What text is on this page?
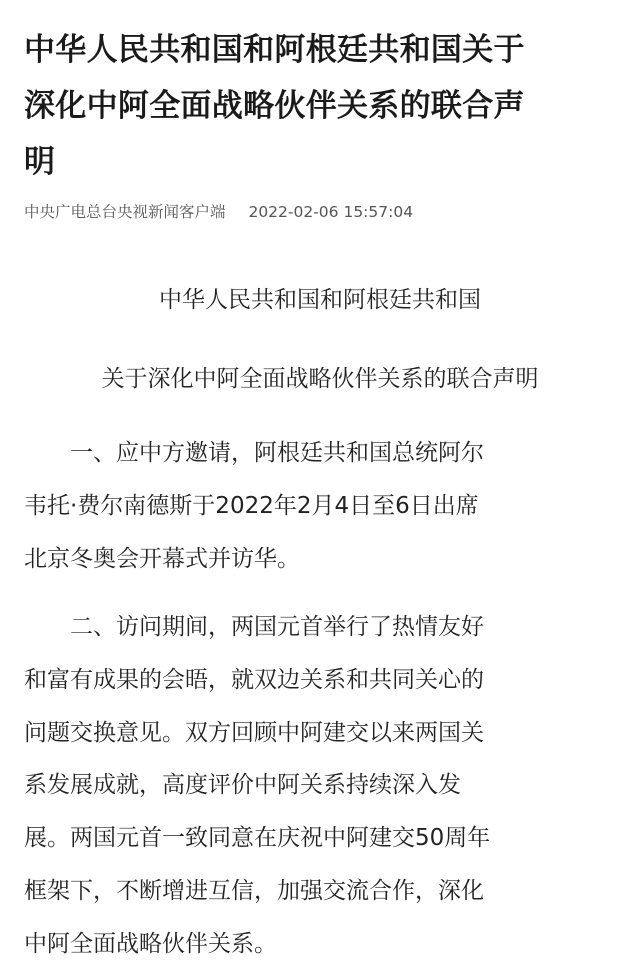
中华人民共和国和阿根廷共和国关于
深化中阿全面战略伙伴关系的联合声
明
中央广电总台央视新闻客户端 2022-02-06 15:57:04
中华人民共和国和阿根廷共和国
关于深化中阿全面战略伙伴关系的联合声明

　　一、应中方邀请，阿根廷共和国总统阿尔
韦托·费尔南德斯于2022年2月4日至6日出席
北京冬奥会开幕式并访华。

　　二、访问期间，两国元首举行了热情友好
和富有成果的会晤，就双边关系和共同关心的
问题交换意见。双方回顾中阿建交以来两国关
系发展成就，高度评价中阿关系持续深入发
展。两国元首一致同意在庆祝中阿建交50周年
框架下，不断增进互信，加强交流合作，深化
中阿全面战略伙伴关系。
